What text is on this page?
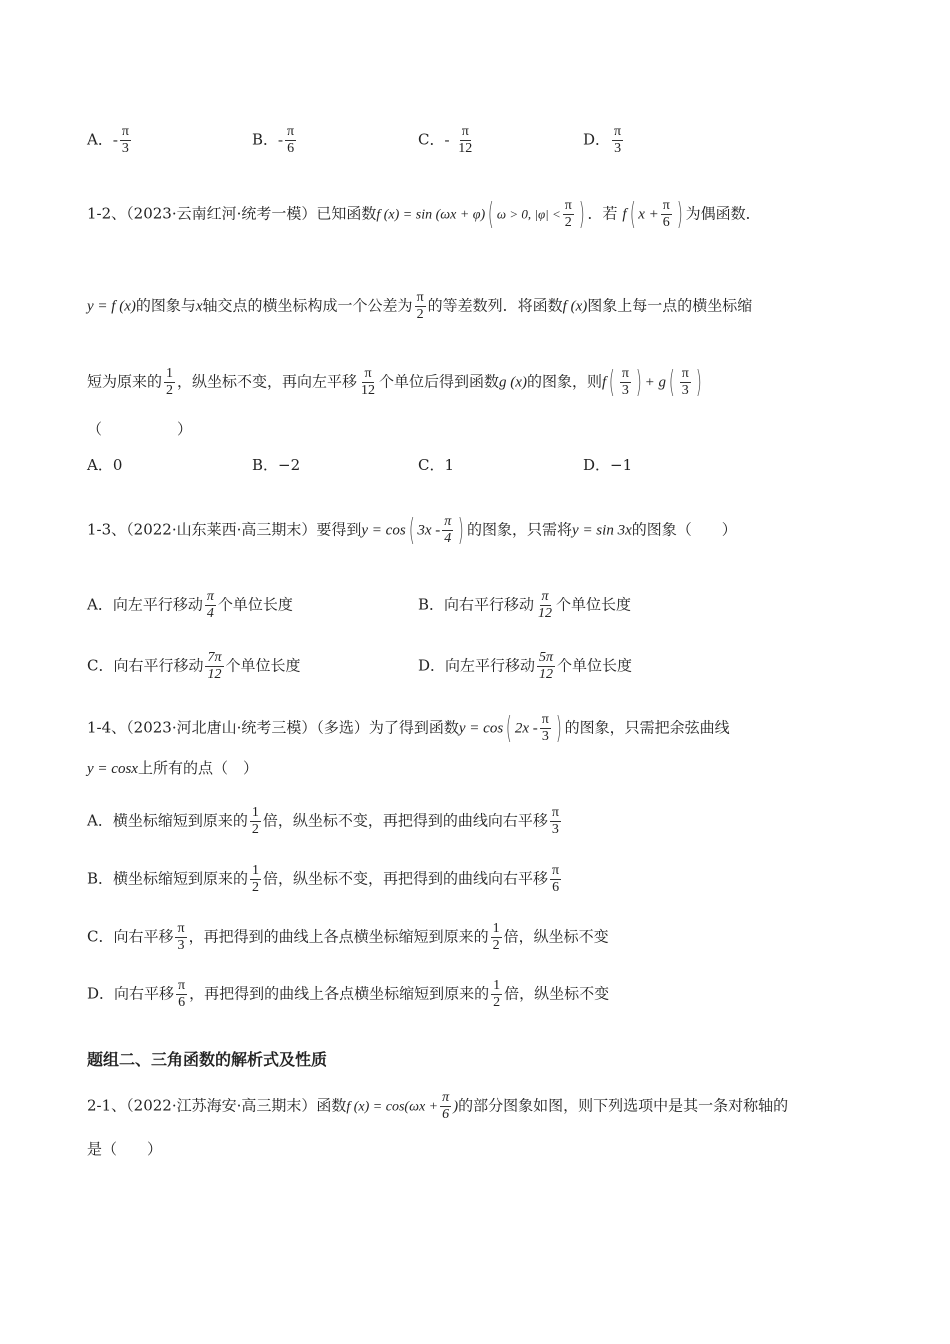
A．- $\frac{\pi}{3}$	B．- $\frac{\pi}{6}$	C．- $\frac{\pi}{12}$	D． $\frac{\pi}{3}$
1-2、（2023·云南红河·统考一模）已知函数f (x) = sin (ωx + φ)( ω > 0, $|\varphi| < \frac{\pi}{2}$ ) ．若 f( $x + \frac{\pi}{6}$ ) 为偶函数．
y = f (x)的图象与x轴交点的横坐标构成一个公差为 $\frac{\pi}{2}$ 的等差数列．将函数f (x)图象上每一点的横坐标缩
短为原来的 $\frac{1}{2}$ ，纵坐标不变，再向左平移 $\frac{\pi}{12}$ 个单位后得到函数g (x)的图象，则$f( \frac{\pi}{3}$ ) + $g( \frac{\pi}{3}$ )
（　　　　　）
A．0	B．−2	C．1	D．−1
1-3、（2022·山东莱西·高三期末）要得到y = cos( $3x - \frac{\pi}{4}$ ) 的图象，只需将y = sin 3x的图象（　　）
A．向左平行移动 $\frac{\pi}{4}$ 个单位长度	B．向右平行移动 $\frac{\pi}{12}$ 个单位长度
C．向右平行移动 $\frac{7\pi}{12}$ 个单位长度	D．向左平行移动 $\frac{5\pi}{12}$ 个单位长度
1-4、（2023·河北唐山·统考三模）（多选）为了得到函数y = cos( $2x - \frac{\pi}{3}$ ) 的图象，只需把余弦曲线
y = cosx上所有的点（　）
A．横坐标缩短到原来的 $\frac{1}{2}$ 倍，纵坐标不变，再把得到的曲线向右平移 $\frac{\pi}{3}$
B．横坐标缩短到原来的 $\frac{1}{2}$ 倍，纵坐标不变，再把得到的曲线向右平移 $\frac{\pi}{6}$
C．向右平移 $\frac{\pi}{3}$ ，再把得到的曲线上各点横坐标缩短到原来的 $\frac{1}{2}$ 倍，纵坐标不变
D．向右平移 $\frac{\pi}{6}$ ，再把得到的曲线上各点横坐标缩短到原来的 $\frac{1}{2}$ 倍，纵坐标不变
题组二、三角函数的解析式及性质
2-1、（2022·江苏海安·高三期末）函数f $(x) = \cos(\omega x + \frac{\pi}{6}$ )的部分图象如图，则下列选项中是其一条对称轴的
是（　　）
